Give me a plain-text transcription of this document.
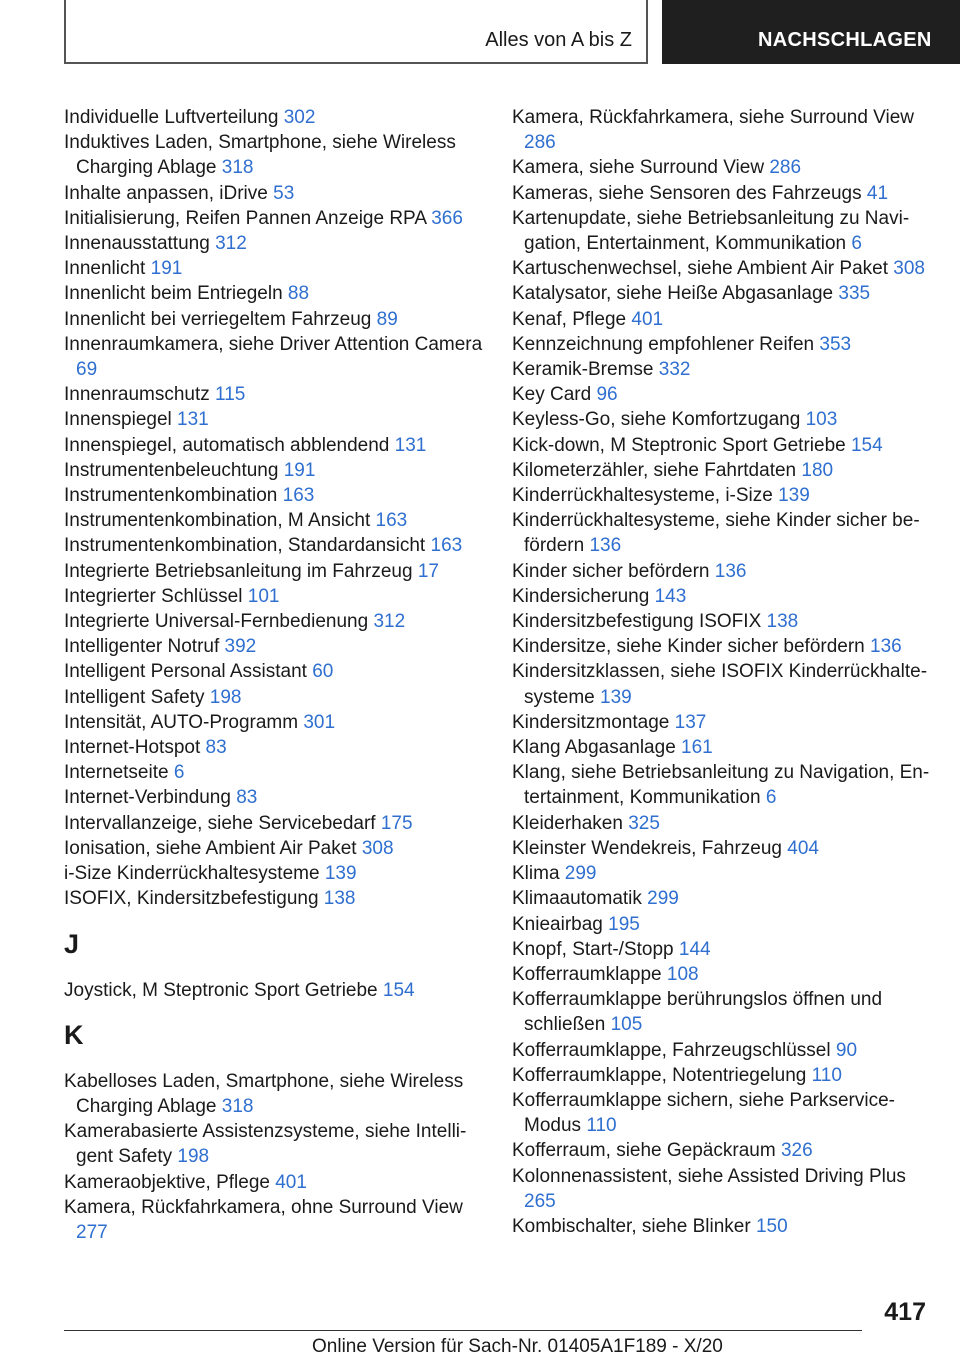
Alles von A bis Z	NACHSCHLAGEN
Individuelle Luftverteilung 302
Induktives Laden, Smartphone, siehe Wireless Charging Ablage 318
Inhalte anpassen, iDrive 53
Initialisierung, Reifen Pannen Anzeige RPA 366
Innenausstattung 312
Innenlicht 191
Innenlicht beim Entriegeln 88
Innenlicht bei verriegeltem Fahrzeug 89
Innenraumkamera, siehe Driver Attention Camera 69
Innenraumschutz 115
Innenspiegel 131
Innenspiegel, automatisch abblendend 131
Instrumentenbeleuchtung 191
Instrumentenkombination 163
Instrumentenkombination, M Ansicht 163
Instrumentenkombination, Standardansicht 163
Integrierte Betriebsanleitung im Fahrzeug 17
Integrierter Schlüssel 101
Integrierte Universal-Fernbedienung 312
Intelligenter Notruf 392
Intelligent Personal Assistant 60
Intelligent Safety 198
Intensität, AUTO-Programm 301
Internet-Hotspot 83
Internetseite 6
Internet-Verbindung 83
Intervallanzeige, siehe Servicebedarf 175
Ionisation, siehe Ambient Air Paket 308
i-Size Kinderrückhaltesysteme 139
ISOFIX, Kindersitzbefestigung 138
J
Joystick, M Steptronic Sport Getriebe 154
K
Kabelloses Laden, Smartphone, siehe Wireless Charging Ablage 318
Kamerabasierte Assistenzsysteme, siehe Intelligent Safety 198
Kameraobjektive, Pflege 401
Kamera, Rückfahrkamera, ohne Surround View 277
Kamera, Rückfahrkamera, siehe Surround View 286
Kamera, siehe Surround View 286
Kameras, siehe Sensoren des Fahrzeugs 41
Kartenupdate, siehe Betriebsanleitung zu Navigation, Entertainment, Kommunikation 6
Kartuschenwechsel, siehe Ambient Air Paket 308
Katalysator, siehe Heiße Abgasanlage 335
Kenaf, Pflege 401
Kennzeichnung empfohlener Reifen 353
Keramik-Bremse 332
Key Card 96
Keyless-Go, siehe Komfortzugang 103
Kick-down, M Steptronic Sport Getriebe 154
Kilometerzähler, siehe Fahrtdaten 180
Kinderrückhaltesysteme, i-Size 139
Kinderrückhaltesysteme, siehe Kinder sicher befördern 136
Kinder sicher befördern 136
Kindersicherung 143
Kindersitzbefestigung ISOFIX 138
Kindersitze, siehe Kinder sicher befördern 136
Kindersitzklassen, siehe ISOFIX Kinderrückhaltesysteme 139
Kindersitzmontage 137
Klang Abgasanlage 161
Klang, siehe Betriebsanleitung zu Navigation, Entertainment, Kommunikation 6
Kleiderhaken 325
Kleinster Wendekreis, Fahrzeug 404
Klima 299
Klimaautomatik 299
Knieairbag 195
Knopf, Start-/Stopp 144
Kofferraumklappe 108
Kofferraumklappe berührungslos öffnen und schließen 105
Kofferraumklappe, Fahrzeugschlüssel 90
Kofferraumklappe, Notentriegelung 110
Kofferraumklappe sichern, siehe Parkservice-Modus 110
Kofferraum, siehe Gepäckraum 326
Kolonnenassistent, siehe Assisted Driving Plus 265
Kombischalter, siehe Blinker 150
417
Online Version für Sach-Nr. 01405A1F189 - X/20
